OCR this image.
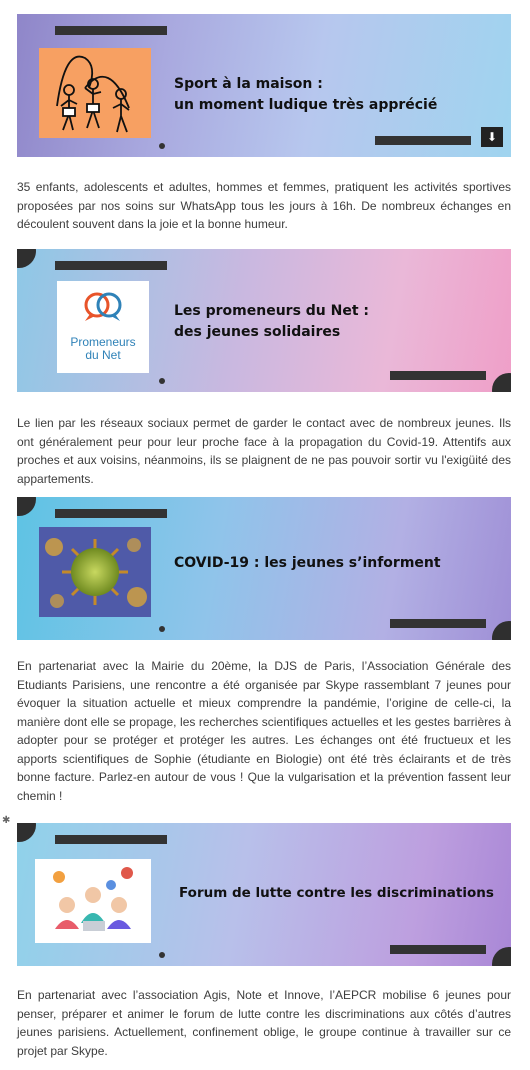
Sport à la maison :
un moment ludique très apprécié
⬇
35 enfants, adolescents et adultes, hommes et femmes, pratiquent les activités sportives proposées par nos soins sur WhatsApp tous les jours à 16h. De nombreux échanges en découlent souvent dans la joie et la bonne humeur.
Promeneurs
du Net
Les promeneurs du Net :
des jeunes solidaires
Le lien par les réseaux sociaux permet de garder le contact avec de nombreux jeunes. Ils ont généralement peur pour leur proche face à la propagation du Covid-19. Attentifs aux proches et aux voisins, néanmoins, ils se plaignent de ne pas pouvoir sortir vu l'exigüité des appartements.
COVID-19 : les jeunes s’informent
En partenariat avec la Mairie du 20ème, la DJS de Paris, l’Association Générale des Etudiants Parisiens, une rencontre a été organisée par Skype rassemblant 7 jeunes pour évoquer la situation actuelle et mieux comprendre la pandémie, l’origine de celle-ci, la manière dont elle se propage, les recherches scientifiques actuelles et les gestes barrières à adopter pour se protéger et protéger les autres. Les échanges ont été fructueux et les apports scientifiques de Sophie (étudiante en Biologie) ont été très éclairants et de très bonne facture. Parlez-en autour de vous ! Que la vulgarisation et la prévention fassent leur chemin !
✱
Forum de lutte contre les discriminations
En partenariat avec l’association Agis, Note et Innove, l’AEPCR mobilise 6 jeunes pour penser, préparer et animer le forum de lutte contre les discriminations aux côtés d’autres jeunes parisiens. Actuellement, confinement oblige, le groupe continue à travailler sur ce projet par Skype.
